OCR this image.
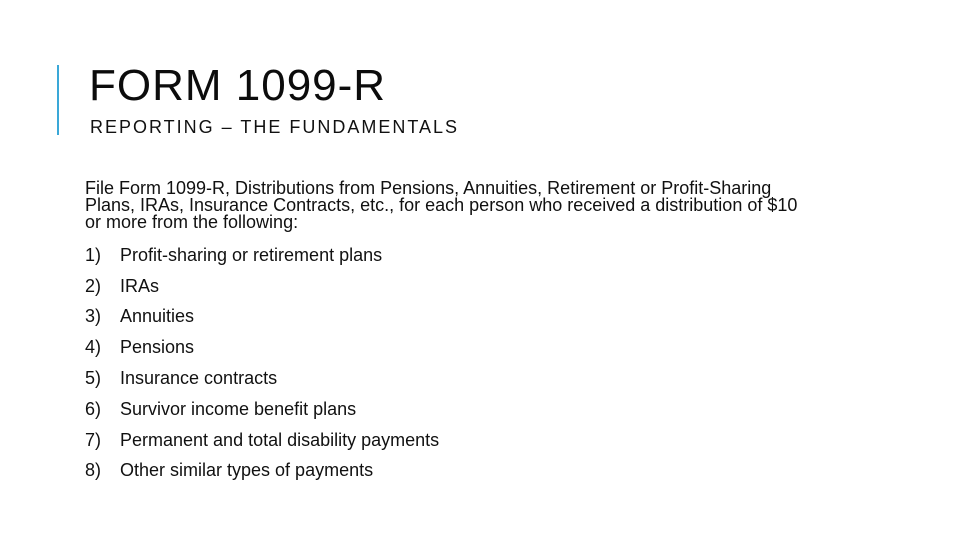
FORM 1099-R
REPORTING – THE FUNDAMENTALS

File Form 1099-R, Distributions from Pensions, Annuities, Retirement or Profit-Sharing Plans, IRAs, Insurance Contracts, etc., for each person who received a distribution of $10 or more from the following:

1)	Profit-sharing or retirement plans
2)	IRAs
3)	Annuities
4)	Pensions
5)	Insurance contracts
6)	Survivor income benefit plans
7)	Permanent and total disability payments
8)	Other similar types of payments
